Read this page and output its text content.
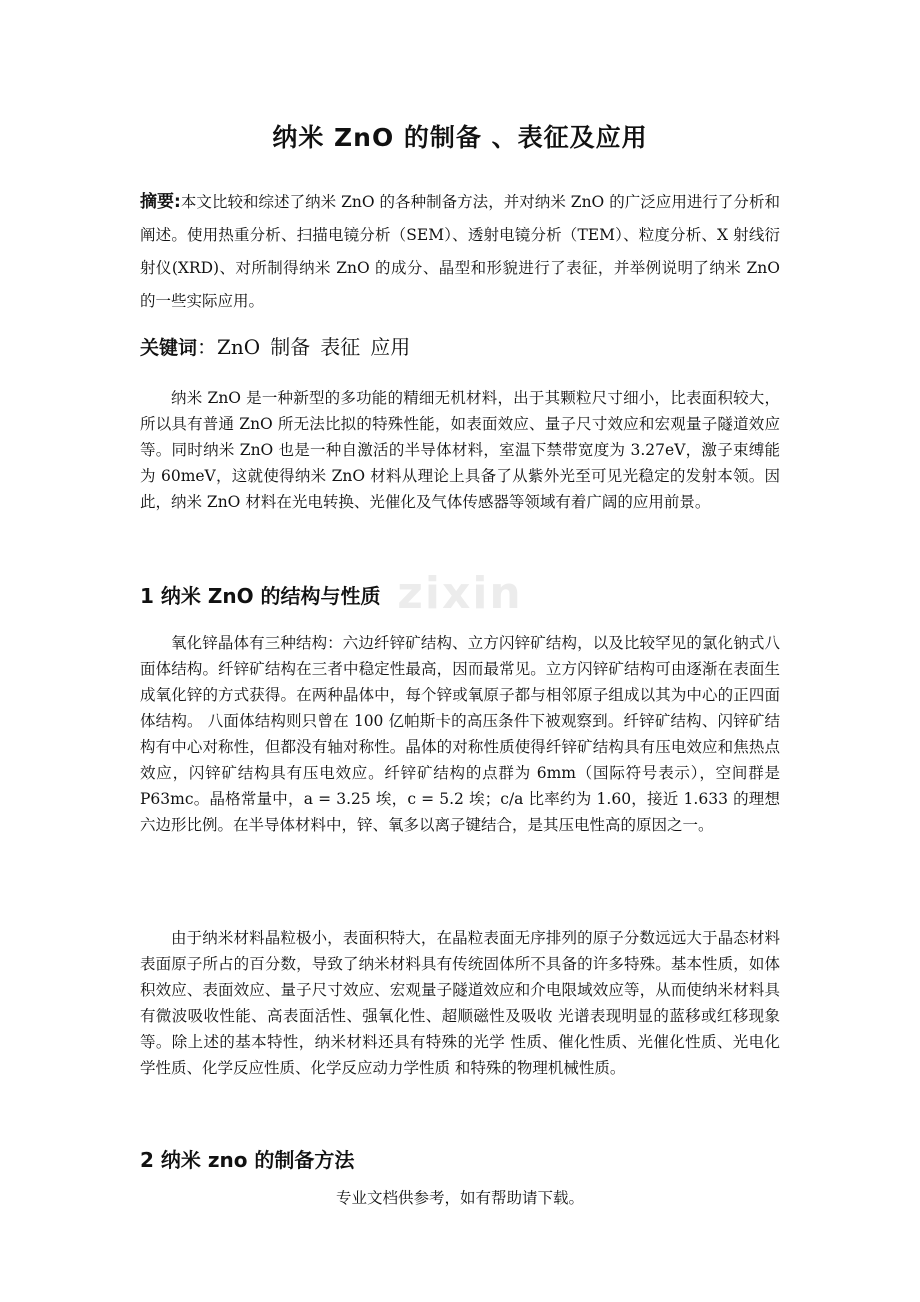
zixin
纳米 ZnO 的制备 、表征及应用
摘要:本文比较和综述了纳米 ZnO 的各种制备方法，并对纳米 ZnO 的广泛应用进行了分析和阐述。使用热重分析、扫描电镜分析（SEM）、透射电镜分析（TEM）、粒度分析、X 射线衍射仪(XRD)、对所制得纳米 ZnO 的成分、晶型和形貌进行了表征，并举例说明了纳米 ZnO 的一些实际应用。
关键词：ZnO 制备 表征 应用
纳米 ZnO 是一种新型的多功能的精细无机材料，出于其颗粒尺寸细小，比表面积较大，所以具有普通 ZnO 所无法比拟的特殊性能，如表面效应、量子尺寸效应和宏观量子隧道效应等。同时纳米 ZnO 也是一种自激活的半导体材料，室温下禁带宽度为 3.27eV，激子束缚能为 60meV，这就使得纳米 ZnO 材料从理论上具备了从紫外光至可见光稳定的发射本领。因此，纳米 ZnO 材料在光电转换、光催化及气体传感器等领域有着广阔的应用前景。
1 纳米 ZnO 的结构与性质
氧化锌晶体有三种结构：六边纤锌矿结构、立方闪锌矿结构，以及比较罕见的氯化钠式八面体结构。纤锌矿结构在三者中稳定性最高，因而最常见。立方闪锌矿结构可由逐渐在表面生成氧化锌的方式获得。在两种晶体中，每个锌或氧原子都与相邻原子组成以其为中心的正四面体结构。 八面体结构则只曾在 100 亿帕斯卡的高压条件下被观察到。纤锌矿结构、闪锌矿结构有中心对称性，但都没有轴对称性。晶体的对称性质使得纤锌矿结构具有压电效应和焦热点效应，闪锌矿结构具有压电效应。纤锌矿结构的点群为 6mm（国际符号表示），空间群是 P63mc。晶格常量中，a = 3.25 埃，c = 5.2 埃；c/a 比率约为 1.60，接近 1.633 的理想六边形比例。在半导体材料中，锌、氧多以离子键结合，是其压电性高的原因之一。
由于纳米材料晶粒极小，表面积特大，在晶粒表面无序排列的原子分数远远大于晶态材料表面原子所占的百分数，导致了纳米材料具有传统固体所不具备的许多特殊。基本性质，如体积效应、表面效应、量子尺寸效应、宏观量子隧道效应和介电限域效应等，从而使纳米材料具有微波吸收性能、高表面活性、强氧化性、超顺磁性及吸收 光谱表现明显的蓝移或红移现象等。除上述的基本特性，纳米材料还具有特殊的光学 性质、催化性质、光催化性质、光电化学性质、化学反应性质、化学反应动力学性质 和特殊的物理机械性质。
2 纳米 zno 的制备方法
专业文档供参考，如有帮助请下载。
